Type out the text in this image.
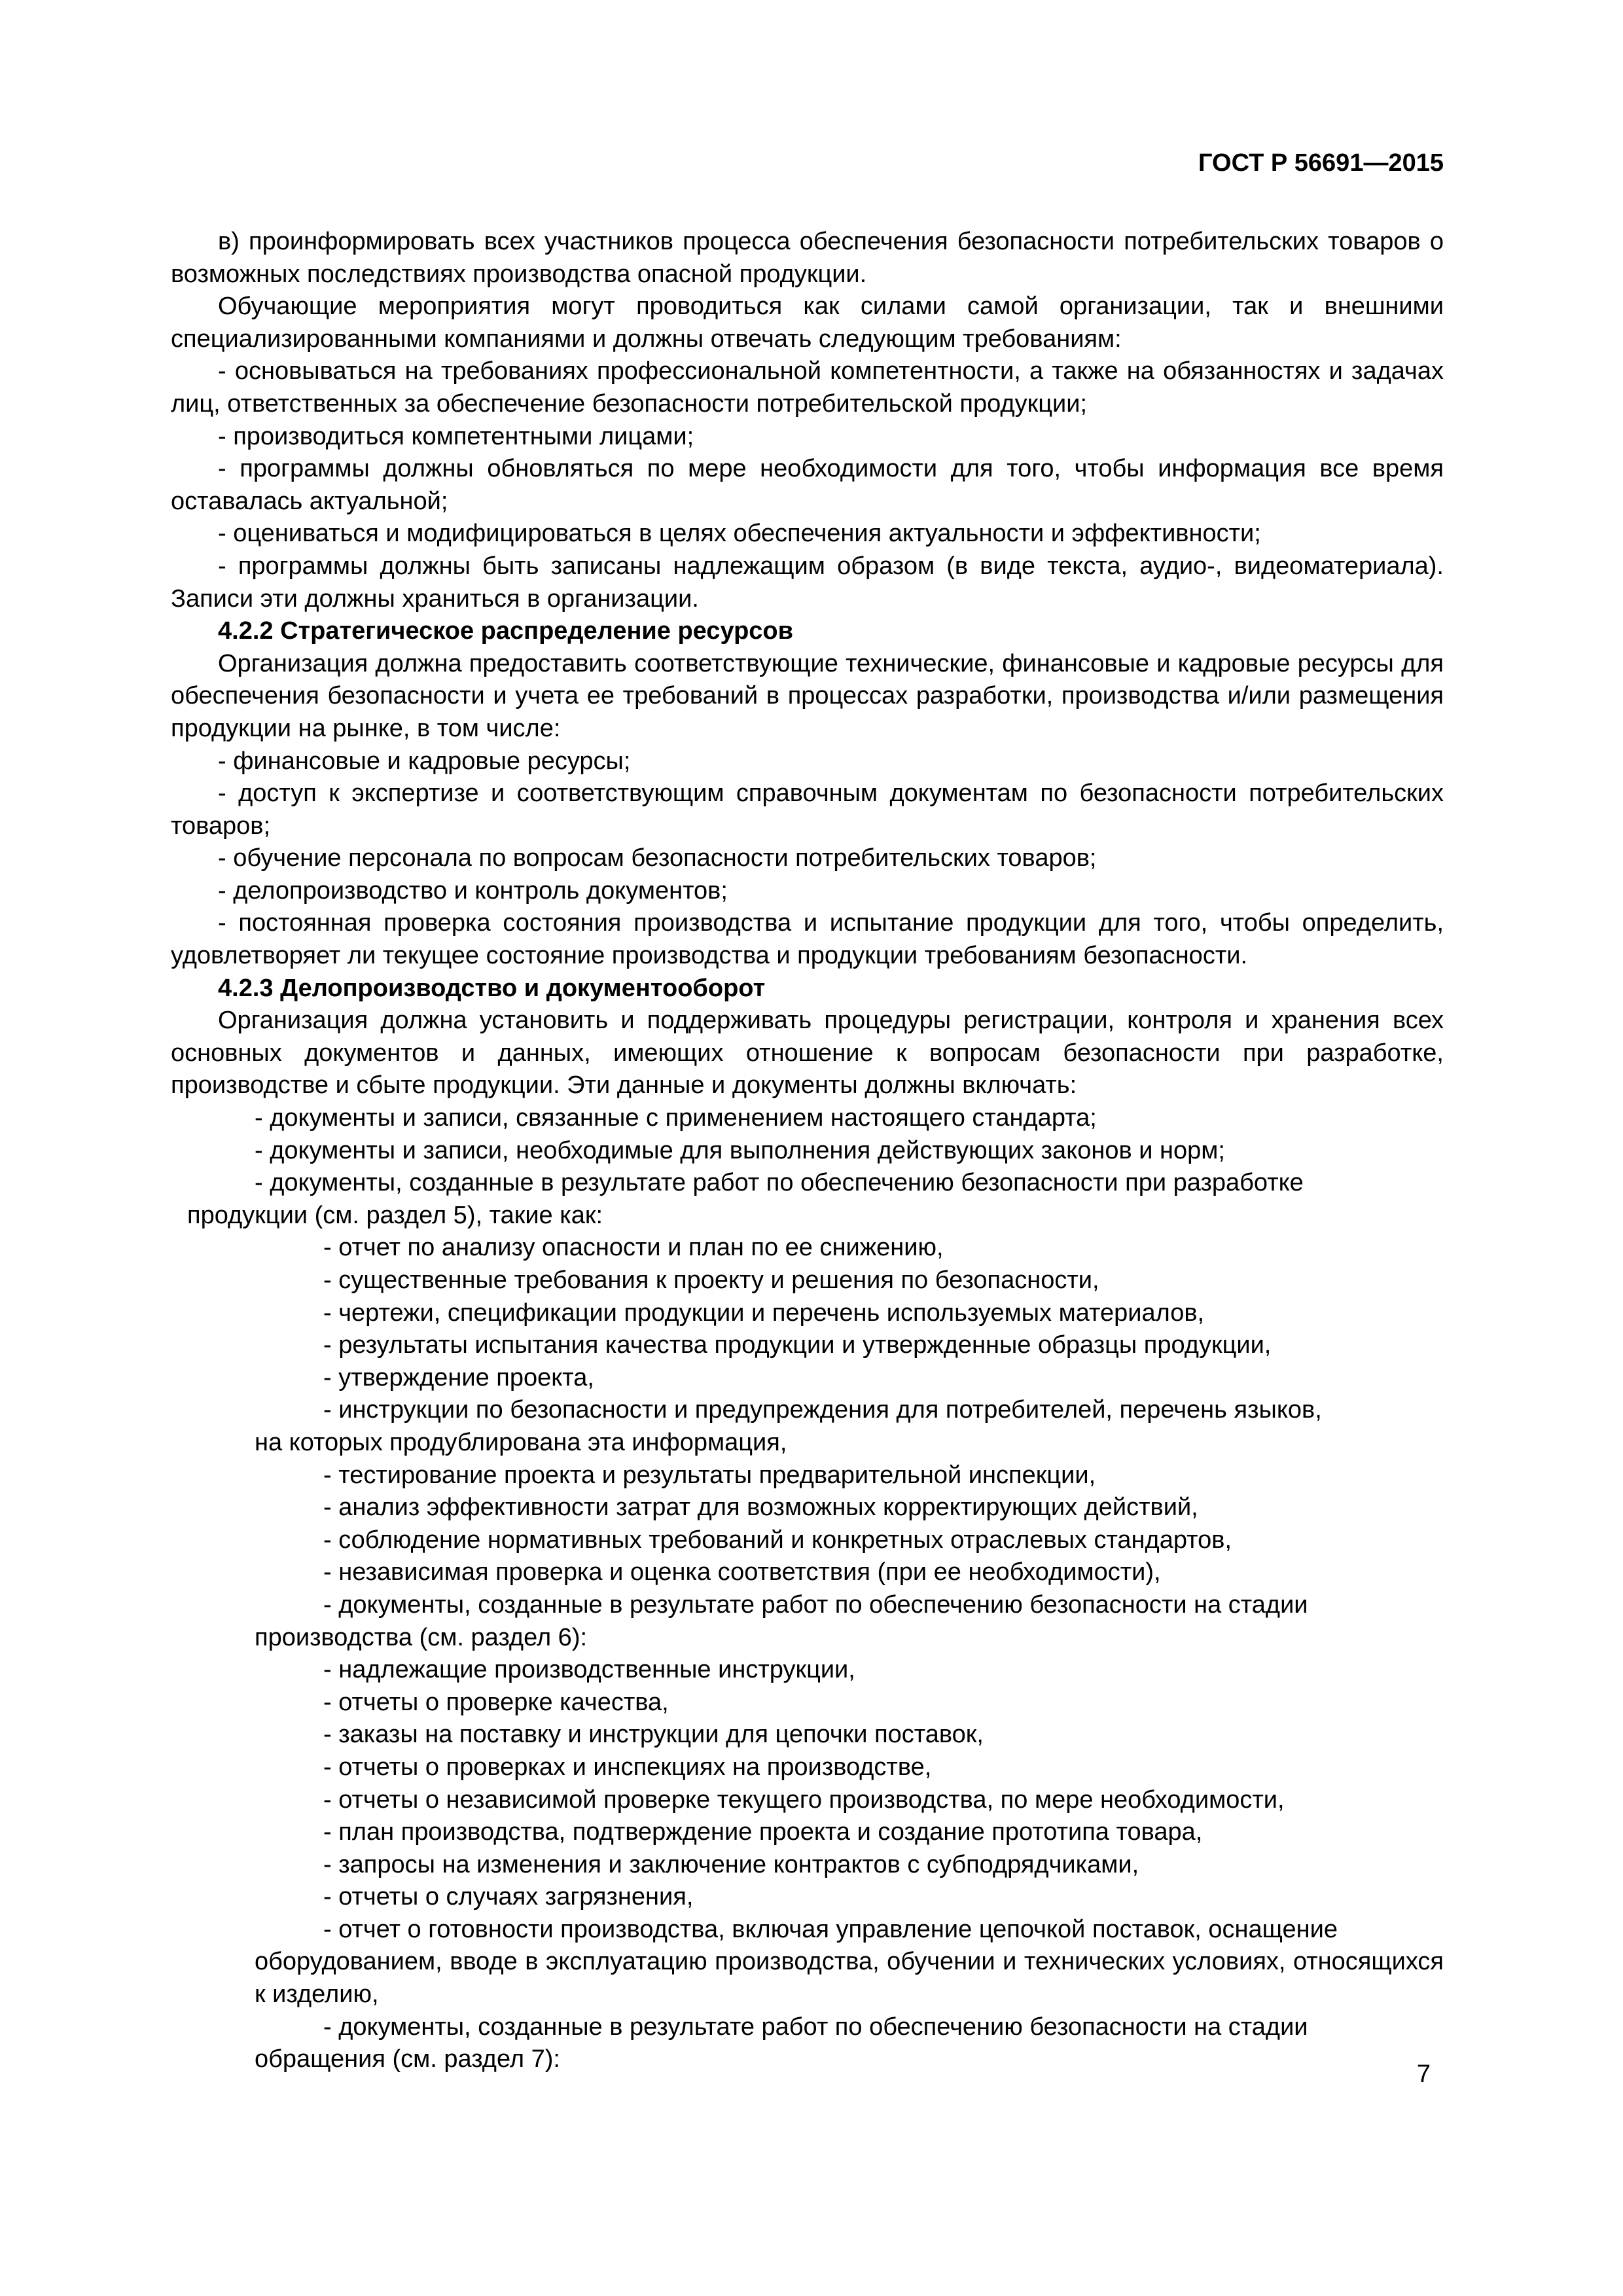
ГОСТ Р 56691—2015

в) проинформировать всех участников процесса обеспечения безопасности потребительских товаров о возможных последствиях производства опасной продукции.

Обучающие мероприятия могут проводиться как силами самой организации, так и внешними специализированными компаниями и должны отвечать следующим требованиям:

- основываться на требованиях профессиональной компетентности, а также на обязанностях и задачах лиц, ответственных за обеспечение безопасности потребительской продукции;

- производиться компетентными лицами;

- программы должны обновляться по мере необходимости для того, чтобы информация все время оставалась актуальной;

- оцениваться и модифицироваться в целях обеспечения актуальности и эффективности;

- программы должны быть записаны надлежащим образом (в виде текста, аудио-, видеоматериала). Записи эти должны храниться в организации.

4.2.2 Стратегическое распределение ресурсов

Организация должна предоставить соответствующие технические, финансовые и кадровые ресурсы для обеспечения безопасности и учета ее требований в процессах разработки, производства и/или размещения продукции на рынке, в том числе:

- финансовые и кадровые ресурсы;

- доступ к экспертизе и соответствующим справочным документам по безопасности потребительских товаров;

- обучение персонала по вопросам безопасности потребительских товаров;

- делопроизводство и контроль документов;

- постоянная проверка состояния производства и испытание продукции для того, чтобы определить, удовлетворяет ли текущее состояние производства и продукции требованиям безопасности.

4.2.3 Делопроизводство и документооборот

Организация должна установить и поддерживать процедуры регистрации, контроля и хранения всех основных документов и данных, имеющих отношение к вопросам безопасности при разработке, производстве и сбыте продукции. Эти данные и документы должны включать:

- документы и записи, связанные с применением настоящего стандарта;

- документы и записи, необходимые для выполнения действующих законов и норм;

- документы, созданные в результате работ по обеспечению безопасности при разработке
продукции (см. раздел 5), такие как:
- отчет по анализу опасности и план по ее снижению,
- существенные требования к проекту и решения по безопасности,
- чертежи, спецификации продукции и перечень используемых материалов,
- результаты испытания качества продукции и утвержденные образцы продукции,
- утверждение проекта,
- инструкции по безопасности и предупреждения для потребителей, перечень языков,
на которых продублирована эта информация,
- тестирование проекта и результаты предварительной инспекции,
- анализ эффективности затрат для возможных корректирующих действий,
- соблюдение нормативных требований и конкретных отраслевых стандартов,
- независимая проверка и оценка соответствия (при ее необходимости),
- документы, созданные в результате работ по обеспечению безопасности на стадии
производства (см. раздел 6):
- надлежащие производственные инструкции,
- отчеты о проверке качества,
- заказы на поставку и инструкции для цепочки поставок,
- отчеты о проверках и инспекциях на производстве,
- отчеты о независимой проверке текущего производства, по мере необходимости,
- план производства, подтверждение проекта и создание прототипа товара,
- запросы на изменения и заключение контрактов с субподрядчиками,
- отчеты о случаях загрязнения,
- отчет о готовности производства, включая управление цепочкой поставок, оснащение
оборудованием, вводе в эксплуатацию производства, обучении и технических условиях, относящихся к изделию,
- документы, созданные в результате работ по обеспечению безопасности на стадии
обращения (см. раздел 7):
7
